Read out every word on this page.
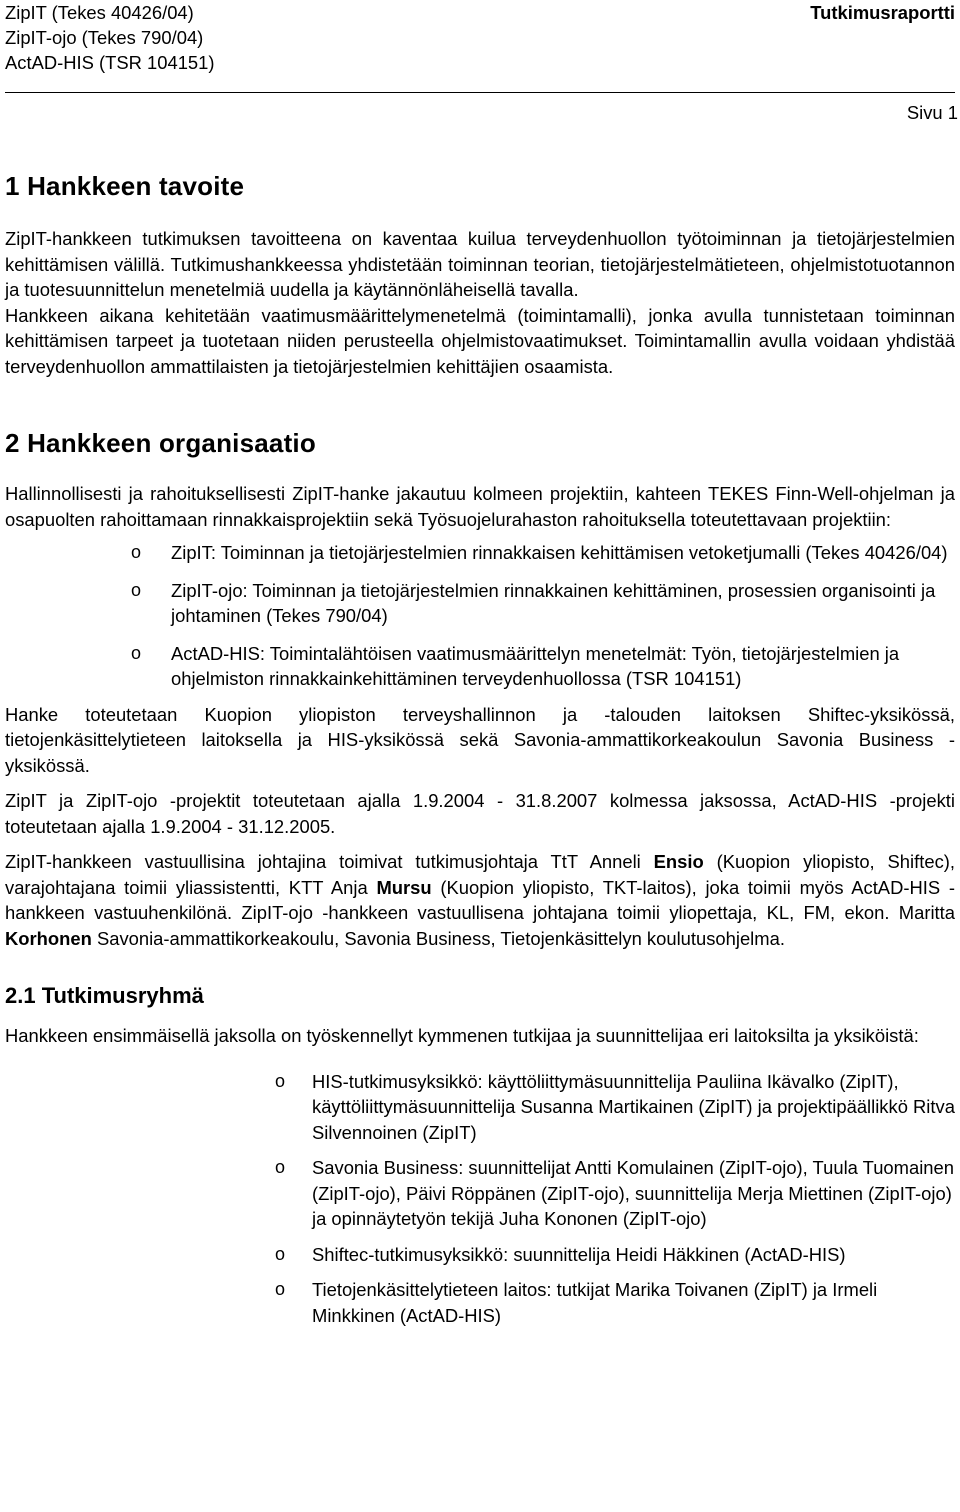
ZipIT (Tekes 40426/04)
ZipIT-ojo (Tekes 790/04)
ActAD-HIS (TSR 104151)
Tutkimusraportti
Sivu 1
1 Hankkeen tavoite

ZipIT-hankkeen tutkimuksen tavoitteena on kaventaa kuilua terveydenhuollon työtoiminnan ja tietojärjestelmien kehittämisen välillä. Tutkimushankkeessa yhdistetään toiminnan teorian, tietojärjestelmätieteen, ohjelmistotuotannon ja tuotesuunnittelun menetelmiä uudella ja käytännönläheisellä tavalla.

Hankkeen aikana kehitetään vaatimusmäärittelymenetelmä (toimintamalli), jonka avulla tunnistetaan toiminnan kehittämisen tarpeet ja tuotetaan niiden perusteella ohjelmistovaatimukset. Toimintamallin avulla voidaan yhdistää terveydenhuollon ammattilaisten ja tietojärjestelmien kehittäjien osaamista.

2 Hankkeen organisaatio

Hallinnollisesti ja rahoituksellisesti ZipIT-hanke jakautuu kolmeen projektiin, kahteen TEKES Finn-Well-ohjelman ja osapuolten rahoittamaan rinnakkaisprojektiin sekä Työsuojelurahaston rahoituksella toteutettavaan projektiin:

o ZipIT: Toiminnan ja tietojärjestelmien rinnakkaisen kehittämisen vetoketjumalli (Tekes 40426/04)
o ZipIT-ojo: Toiminnan ja tietojärjestelmien rinnakkainen kehittäminen, prosessien organisointi ja johtaminen (Tekes 790/04)
o ActAD-HIS: Toimintalähtöisen vaatimusmäärittelyn menetelmät: Työn, tietojärjestelmien ja ohjelmiston rinnakkainkehittäminen terveydenhuollossa (TSR 104151)

Hanke toteutetaan Kuopion yliopiston terveyshallinnon ja -talouden laitoksen Shiftec-yksikössä, tietojenkäsittelytieteen laitoksella ja HIS-yksikössä sekä Savonia-ammattikorkeakoulun Savonia Business -yksikössä.

ZipIT ja ZipIT-ojo -projektit toteutetaan ajalla 1.9.2004 - 31.8.2007 kolmessa jaksossa, ActAD-HIS -projekti toteutetaan ajalla 1.9.2004 - 31.12.2005.

ZipIT-hankkeen vastuullisina johtajina toimivat tutkimusjohtaja TtT Anneli Ensio (Kuopion yliopisto, Shiftec), varajohtajana toimii yliassistentti, KTT Anja Mursu (Kuopion yliopisto, TKT-laitos), joka toimii myös ActAD-HIS -hankkeen vastuuhenkilönä. ZipIT-ojo -hankkeen vastuullisena johtajana toimii yliopettaja, KL, FM, ekon. Maritta Korhonen Savonia-ammattikorkeakoulu, Savonia Business, Tietojenkäsittelyn koulutusohjelma.

2.1 Tutkimusryhmä

Hankkeen ensimmäisellä jaksolla on työskennellyt kymmenen tutkijaa ja suunnittelijaa eri laitoksilta ja yksiköistä:

o HIS-tutkimusyksikkö: käyttöliittymäsuunnittelija Pauliina Ikävalko (ZipIT), käyttöliittymäsuunnittelija Susanna Martikainen (ZipIT) ja projektipäällikkö Ritva Silvennoinen (ZipIT)
o Savonia Business: suunnittelijat Antti Komulainen (ZipIT-ojo), Tuula Tuomainen (ZipIT-ojo), Päivi Röppänen (ZipIT-ojo), suunnittelija Merja Miettinen (ZipIT-ojo) ja opinnäytetyön tekijä Juha Kononen (ZipIT-ojo)
o Shiftec-tutkimusyksikkö: suunnittelija Heidi Häkkinen (ActAD-HIS)
o Tietojenkäsittelytieteen laitos: tutkijat Marika Toivanen (ZipIT) ja Irmeli Minkkinen (ActAD-HIS)
